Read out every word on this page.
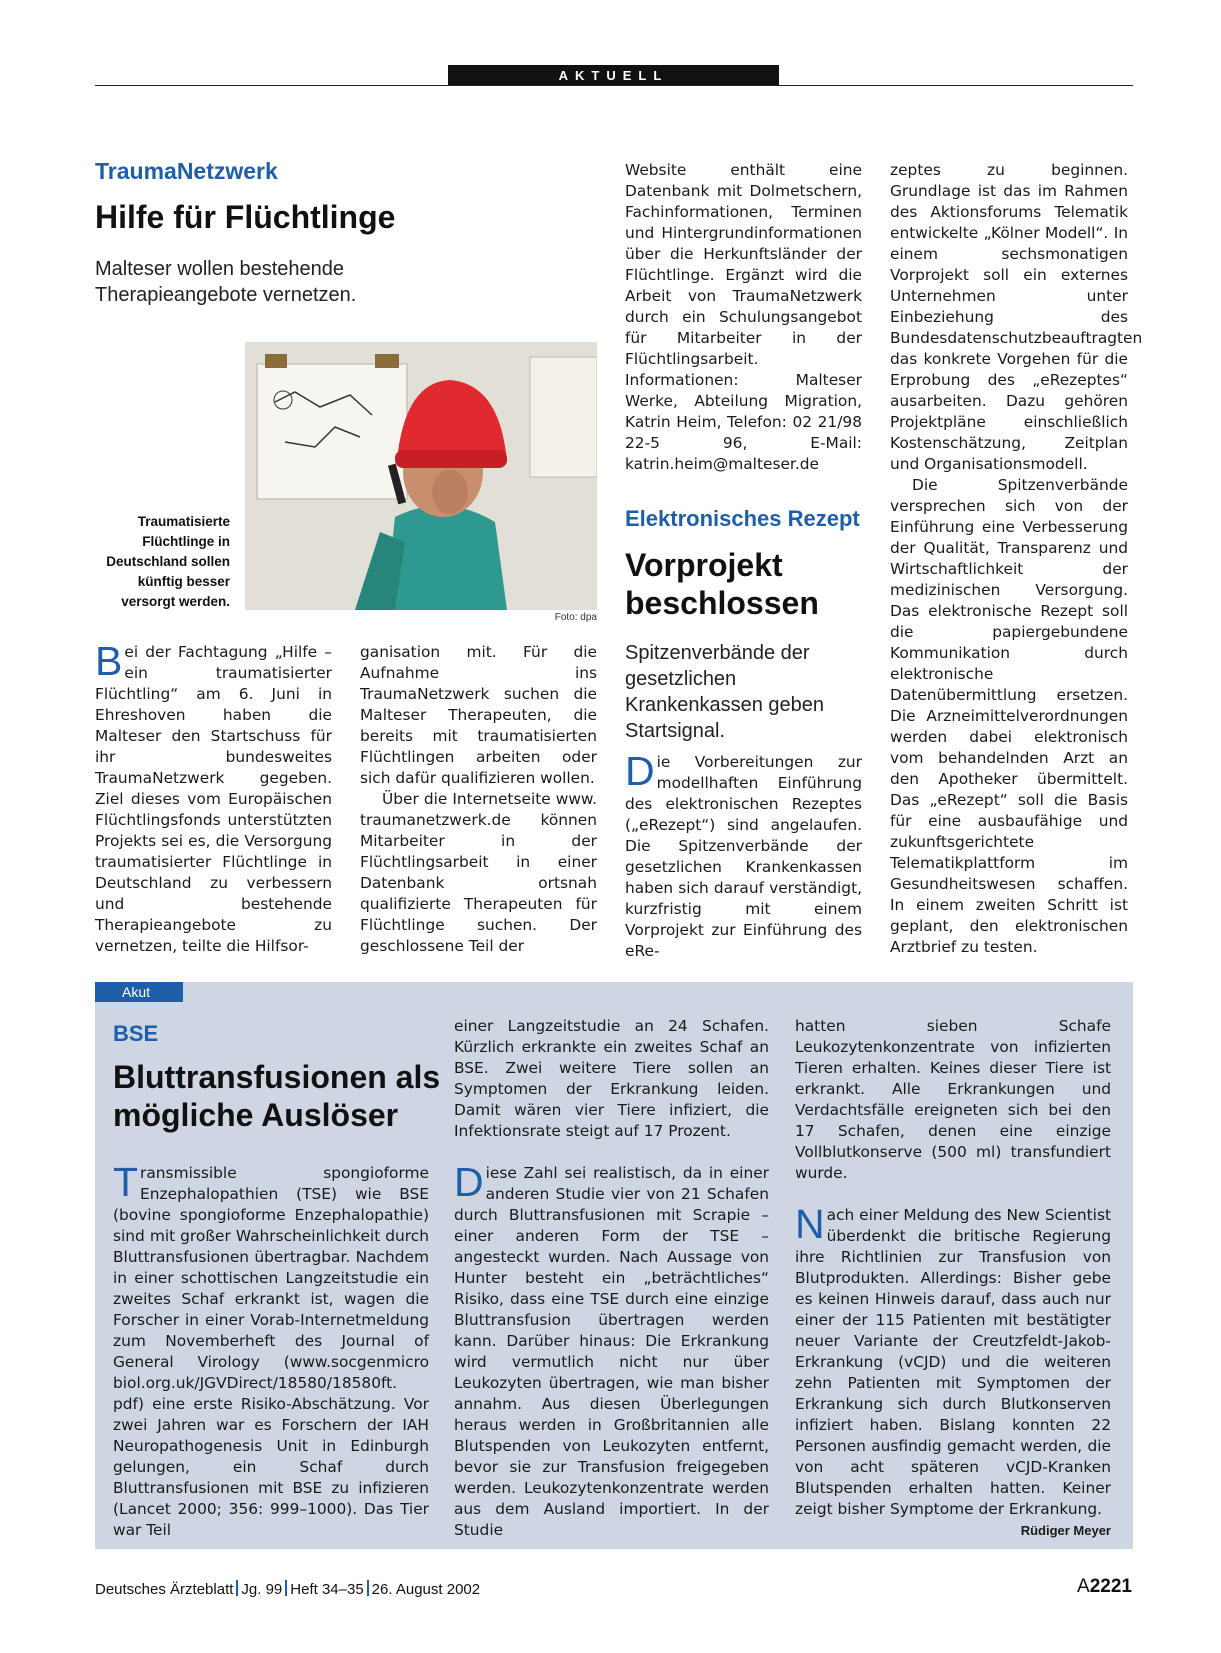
AKTUELL
TraumaNetzwerk
Hilfe für Flüchtlinge
Malteser wollen bestehende Therapieangebote vernetzen.
Traumatisierte Flüchtlinge in Deutschland sollen künftig besser versorgt werden.
Foto: dpa
Bei der Fachtagung „Hilfe – ein traumatisierter Flüchtling“ am 6. Juni in Ehreshoven haben die Malteser den Startschuss für ihr bundesweites TraumaNetzwerk gegeben. Ziel dieses vom Europäischen Flüchtlingsfonds unterstützten Projekts sei es, die Versorgung traumatisierter Flüchtlinge in Deutschland zu verbessern und bestehende Therapieangebote zu vernetzen, teilte die Hilfsor-

ganisation mit. Für die Aufnahme ins TraumaNetzwerk suchen die Malteser Therapeuten, die bereits mit traumatisierten Flüchtlingen arbeiten oder sich dafür qualifizieren wollen.

Über die Internetseite www. traumanetzwerk.de können Mitarbeiter in der Flüchtlingsarbeit in einer Datenbank ortsnah qualifizierte Therapeuten für Flüchtlinge suchen. Der geschlossene Teil der

Website enthält eine Datenbank mit Dolmetschern, Fachinformationen, Terminen und Hintergrundinformationen über die Herkunftsländer der Flüchtlinge. Ergänzt wird die Arbeit von TraumaNetzwerk durch ein Schulungsangebot für Mitarbeiter in der Flüchtlingsarbeit. Informationen: Malteser Werke, Abteilung Migration, Katrin Heim, Telefon: 02 21/98 22-5 96, E-Mail: katrin.heim@malteser.de

Elektronisches Rezept
Vorprojekt beschlossen
Spitzenverbände der gesetzlichen Krankenkassen geben Startsignal.
Die Vorbereitungen zur modellhaften Einführung des elektronischen Rezeptes („eRezept“) sind angelaufen. Die Spitzenverbände der gesetzlichen Krankenkassen haben sich darauf verständigt, kurzfristig mit einem Vorprojekt zur Einführung des eRe-

zeptes zu beginnen. Grundlage ist das im Rahmen des Aktionsforums Telematik entwickelte „Kölner Modell“. In einem sechsmonatigen Vorprojekt soll ein externes Unternehmen unter Einbeziehung des Bundesdatenschutzbeauftragten das konkrete Vorgehen für die Erprobung des „eRezeptes“ ausarbeiten. Dazu gehören Projektpläne einschließlich Kostenschätzung, Zeitplan und Organisationsmodell.

Die Spitzenverbände versprechen sich von der Einführung eine Verbesserung der Qualität, Transparenz und Wirtschaftlichkeit der medizinischen Versorgung. Das elektronische Rezept soll die papiergebundene Kommunikation durch elektronische Datenübermittlung ersetzen. Die Arzneimittelverordnungen werden dabei elektronisch vom behandelnden Arzt an den Apotheker übermittelt. Das „eRezept“ soll die Basis für eine ausbaufähige und zukunftsgerichtete Telematikplattform im Gesundheitswesen schaffen. In einem zweiten Schritt ist geplant, den elektronischen Arztbrief zu testen.

Akut
BSE
Bluttransfusionen als mögliche Auslöser
Transmissible spongioforme Enzephalopathien (TSE) wie BSE (bovine spongioforme Enzephalopathie) sind mit großer Wahrscheinlichkeit durch Bluttransfusionen übertragbar. Nachdem in einer schottischen Langzeitstudie ein zweites Schaf erkrankt ist, wagen die Forscher in einer Vorab-Internetmeldung zum Novemberheft des Journal of General Virology (www.socgenmicro biol.org.uk/JGVDirect/18580/18580ft. pdf) eine erste Risiko-Abschätzung. Vor zwei Jahren war es Forschern der IAH Neuropathogenesis Unit in Edinburgh gelungen, ein Schaf durch Bluttransfusionen mit BSE zu infizieren (Lancet 2000; 356: 999–1000). Das Tier war Teil

einer Langzeitstudie an 24 Schafen. Kürzlich erkrankte ein zweites Schaf an BSE. Zwei weitere Tiere sollen an Symptomen der Erkrankung leiden. Damit wären vier Tiere infiziert, die Infektionsrate steigt auf 17 Prozent.

Diese Zahl sei realistisch, da in einer anderen Studie vier von 21 Schafen durch Bluttransfusionen mit Scrapie – einer anderen Form der TSE – angesteckt wurden. Nach Aussage von Hunter besteht ein „beträchtliches“ Risiko, dass eine TSE durch eine einzige Bluttransfusion übertragen werden kann. Darüber hinaus: Die Erkrankung wird vermutlich nicht nur über Leukozyten übertragen, wie man bisher annahm. Aus diesen Überlegungen heraus werden in Großbritannien alle Blutspenden von Leukozyten entfernt, bevor sie zur Transfusion freigegeben werden. Leukozytenkonzentrate werden aus dem Ausland importiert. In der Studie

hatten sieben Schafe Leukozytenkonzentrate von infizierten Tieren erhalten. Keines dieser Tiere ist erkrankt. Alle Erkrankungen und Verdachtsfälle ereigneten sich bei den 17 Schafen, denen eine einzige Vollblutkonserve (500 ml) transfundiert wurde.

Nach einer Meldung des New Scientist überdenkt die britische Regierung ihre Richtlinien zur Transfusion von Blutprodukten. Allerdings: Bisher gebe es keinen Hinweis darauf, dass auch nur einer der 115 Patienten mit bestätigter neuer Variante der Creutzfeldt-Jakob-Erkrankung (vCJD) und die weiteren zehn Patienten mit Symptomen der Erkrankung sich durch Blutkonserven infiziert haben. Bislang konnten 22 Personen ausfindig gemacht werden, die von acht späteren vCJD-Kranken Blutspenden erhalten hatten. Keiner zeigt bisher Symptome der Erkrankung.
Rüdiger Meyer

Deutsches Ärzteblatt Jg. 99 Heft 34–35 26. August 2002	A2221
